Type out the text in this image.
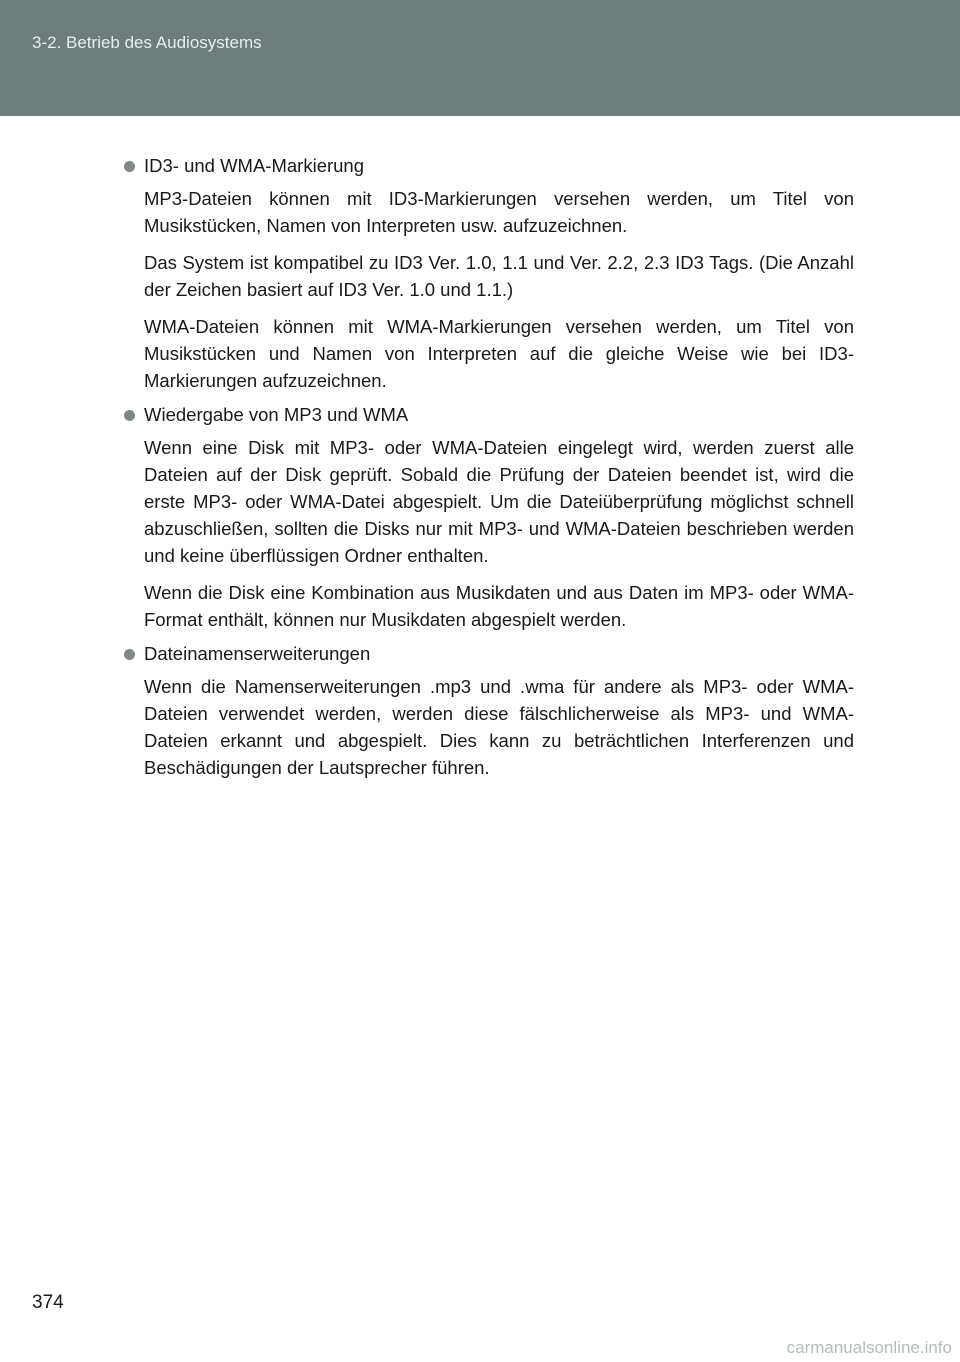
3-2. Betrieb des Audiosystems
ID3- und WMA-Markierung

MP3-Dateien können mit ID3-Markierungen versehen werden, um Titel von Musikstücken, Namen von Interpreten usw. aufzuzeichnen.

Das System ist kompatibel zu ID3 Ver. 1.0, 1.1 und Ver. 2.2, 2.3 ID3 Tags. (Die Anzahl der Zeichen basiert auf ID3 Ver. 1.0 und 1.1.)

WMA-Dateien können mit WMA-Markierungen versehen werden, um Titel von Musikstücken und Namen von Interpreten auf die gleiche Weise wie bei ID3-Markierungen aufzuzeichnen.

Wiedergabe von MP3 und WMA

Wenn eine Disk mit MP3- oder WMA-Dateien eingelegt wird, werden zuerst alle Dateien auf der Disk geprüft. Sobald die Prüfung der Dateien beendet ist, wird die erste MP3- oder WMA-Datei abgespielt. Um die Dateiüberprüfung möglichst schnell abzuschließen, sollten die Disks nur mit MP3- und WMA-Dateien beschrieben werden und keine überflüssigen Ordner enthalten.

Wenn die Disk eine Kombination aus Musikdaten und aus Daten im MP3- oder WMA-Format enthält, können nur Musikdaten abgespielt werden.

Dateinamenserweiterungen

Wenn die Namenserweiterungen .mp3 und .wma für andere als MP3- oder WMA-Dateien verwendet werden, werden diese fälschlicherweise als MP3- und WMA-Dateien erkannt und abgespielt. Dies kann zu beträchtlichen Interferenzen und Beschädigungen der Lautsprecher führen.

374
carmanualsonline.info
